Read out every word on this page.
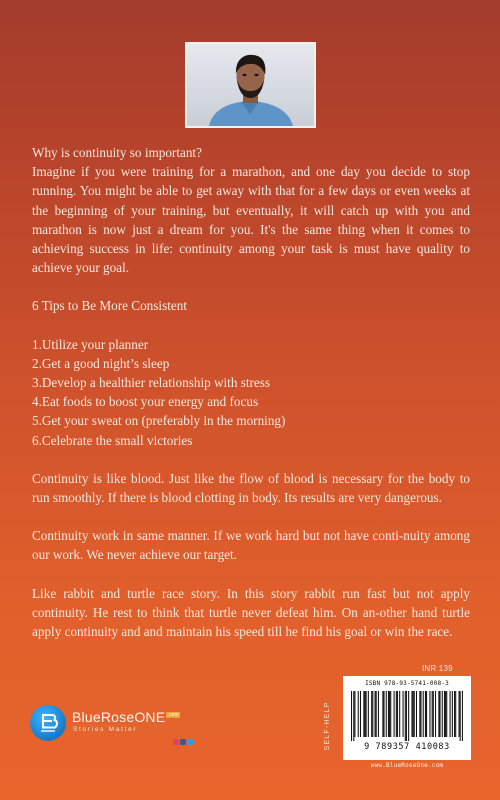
Why is continuity so important?

Imagine if you were training for a marathon, and one day you decide to stop running. You might be able to get away with that for a few days or even weeks at the beginning of your training, but eventually, it will catch up with you and marathon is now just a dream for you. It's the same thing when it comes to achieving success in life: continuity among your task is must have quality to achieve your goal.

6 Tips to Be More Consistent

1.Utilize your planner
2.Get a good night’s sleep
3.Develop a healthier relationship with stress
4.Eat foods to boost your energy and focus
5.Get your sweat on (preferably in the morning)
6.Celebrate the small victories

Continuity is like blood. Just like the flow of blood is necessary for the body to run smoothly. If there is blood clotting in body. Its results are very dangerous.

Continuity work in same manner. If we work hard but not have conti-nuity among our work. We never achieve our target.

Like rabbit and turtle race story. In this story rabbit run fast but not apply continuity. He rest to think that turtle never defeat him. On an-other hand turtle apply continuity and and maintain his speed till he find his goal or win the race.

INR 139
SELF-HELP
ISBN 978-93-5741-008-3
9 789357 410083
www.BlueRoseOne.com
BlueRoseONE .com
Stories Matter
